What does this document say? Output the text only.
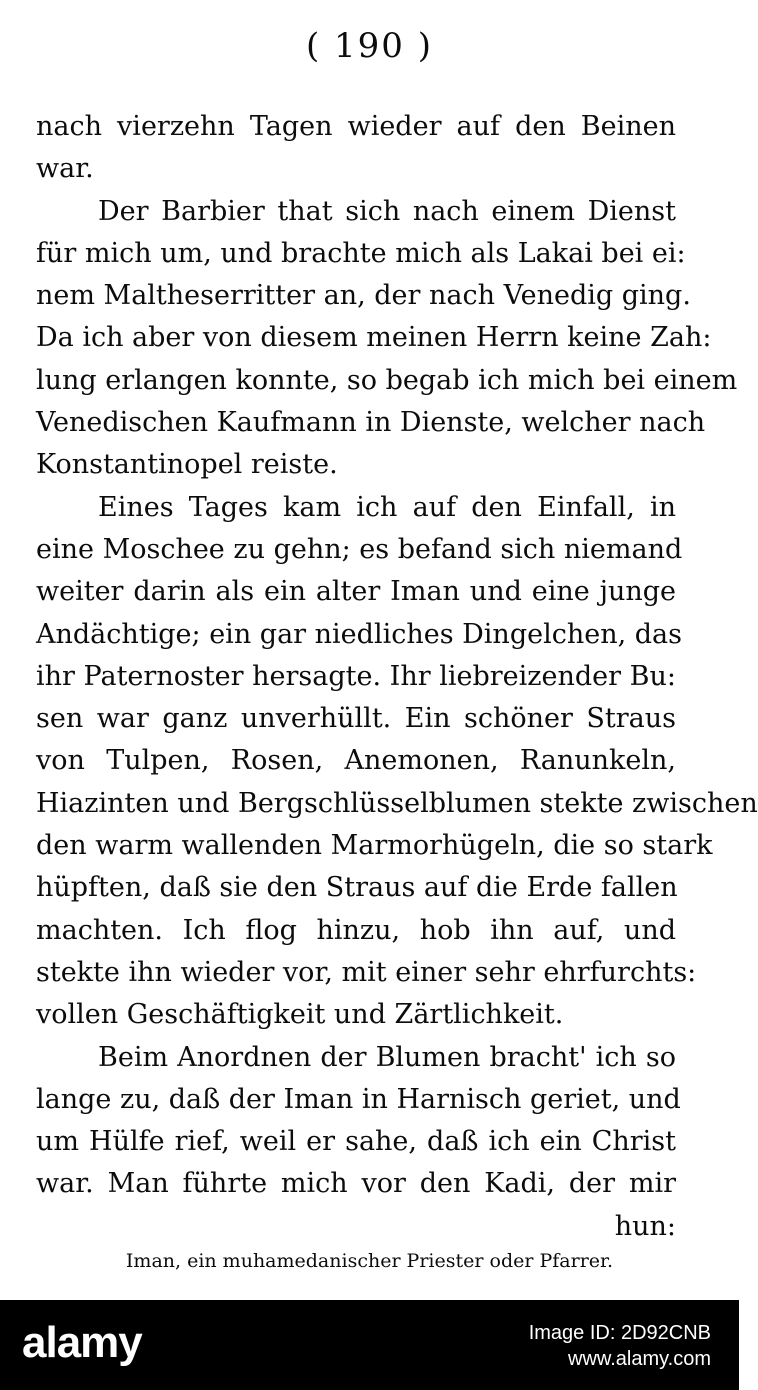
( 190 )
nach vierzehn Tagen wieder auf den Beinen
war.
Der Barbier that sich nach einem Dienst
für mich um, und brachte mich als Lakai bei ei:
nem Maltheserritter an, der nach Venedig ging.
Da ich aber von diesem meinen Herrn keine Zah:
lung erlangen konnte, so begab ich mich bei einem
Venedischen Kaufmann in Dienste, welcher nach
Konstantinopel reiste.
Eines Tages kam ich auf den Einfall, in
eine Moschee zu gehn; es befand sich niemand
weiter darin als ein alter Iman und eine junge
Andächtige; ein gar niedliches Dingelchen, das
ihr Paternoster hersagte. Ihr liebreizender Bu:
sen war ganz unverhüllt. Ein schöner Straus
von Tulpen, Rosen, Anemonen, Ranunkeln,
Hiazinten und Bergschlüsselblumen stekte zwischen
den warm wallenden Marmorhügeln, die so stark
hüpften, daß sie den Straus auf die Erde fallen
machten. Ich flog hinzu, hob ihn auf, und
stekte ihn wieder vor, mit einer sehr ehrfurchts:
vollen Geschäftigkeit und Zärtlichkeit.
Beim Anordnen der Blumen bracht' ich so
lange zu, daß der Iman in Harnisch geriet, und
um Hülfe rief, weil er sahe, daß ich ein Christ
war. Man führte mich vor den Kadi, der mir
hun:
Iman, ein muhamedanischer Priester oder Pfarrer.
alamy	Image ID: 2D92CNB
www.alamy.com
